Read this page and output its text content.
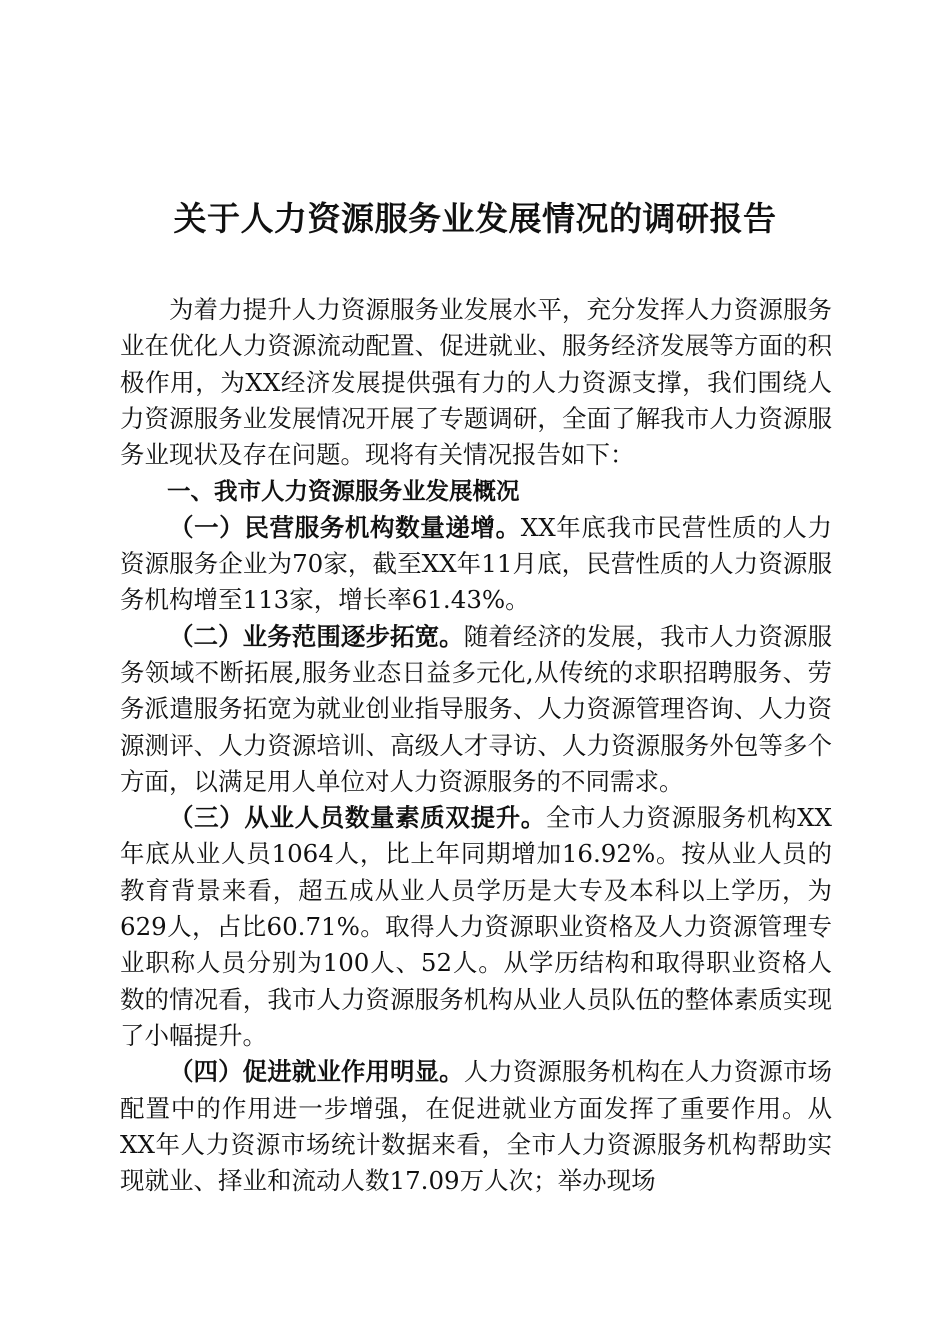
关于人力资源服务业发展情况的调研报告

为着力提升人力资源服务业发展水平，充分发挥人力资源服务业在优化人力资源流动配置、促进就业、服务经济发展等方面的积极作用，为XX经济发展提供强有力的人力资源支撑，我们围绕人力资源服务业发展情况开展了专题调研，全面了解我市人力资源服务业现状及存在问题。现将有关情况报告如下：

一、我市人力资源服务业发展概况

（一）民营服务机构数量递增。XX年底我市民营性质的人力资源服务企业为70家，截至XX年11月底，民营性质的人力资源服务机构增至113家，增长率61.43%。

（二）业务范围逐步拓宽。随着经济的发展，我市人力资源服务领域不断拓展,服务业态日益多元化,从传统的求职招聘服务、劳务派遣服务拓宽为就业创业指导服务、人力资源管理咨询、人力资源测评、人力资源培训、高级人才寻访、人力资源服务外包等多个方面，以满足用人单位对人力资源服务的不同需求。

（三）从业人员数量素质双提升。全市人力资源服务机构XX年底从业人员1064人，比上年同期增加16.92%。按从业人员的教育背景来看，超五成从业人员学历是大专及本科以上学历，为629人，占比60.71%。取得人力资源职业资格及人力资源管理专业职称人员分别为100人、52人。从学历结构和取得职业资格人数的情况看，我市人力资源服务机构从业人员队伍的整体素质实现了小幅提升。

（四）促进就业作用明显。人力资源服务机构在人力资源市场配置中的作用进一步增强，在促进就业方面发挥了重要作用。从XX年人力资源市场统计数据来看，全市人力资源服务机构帮助实现就业、择业和流动人数17.09万人次；举办现场
